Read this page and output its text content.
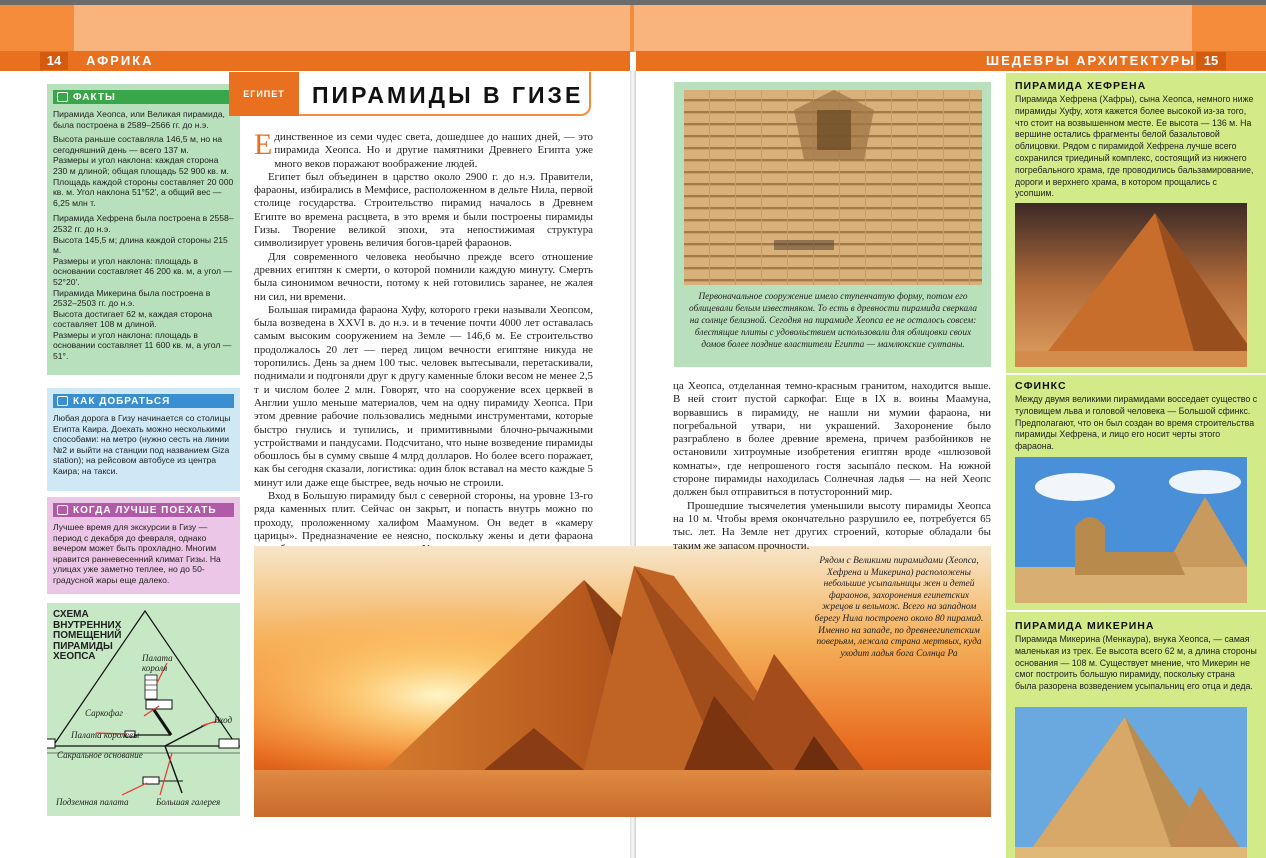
14	АФРИКА	ШЕДЕВРЫ АРХИТЕКТУРЫ 15
ФАКТЫ

Пирамида Хеопса, или Великая пирамида, была построена в 2589–2566 гг. до н.э.

Высота раньше составляла 146,5 м, но на сегодняшний день — всего 137 м.
Размеры и угол наклона: каждая сторона 230 м длиной; общая площадь 52 900 кв. м. Площадь каждой стороны составляет 20 000 кв. м. Угол наклона 51°52', а общий вес — 6,25 млн т.
Пирамида Хефрена была построена в 2558–2532 гг. до н.э.
Высота 145,5 м; длина каждой стороны 215 м.
Размеры и угол наклона: площадь в основании составляет 46 200 кв. м, а угол — 52°20'.
Пирамида Микерина была построена в 2532–2503 гг. до н.э.
Высота достигает 62 м, каждая сторона составляет 108 м длиной.
Размеры и угол наклона: площадь в основании составляет 11 600 кв. м, а угол — 51°.
КАК ДОБРАТЬСЯ
Любая дорога в Гизу начинается со столицы Египта Каира. Доехать можно несколькими способами: на метро (нужно сесть на линии №2 и выйти на станции под названием Giza station); на рейсовом автобусе из центра Каира; на такси.
КОГДА ЛУЧШЕ ПОЕХАТЬ
Лучшее время для экскурсии в Гизу — период с декабря до февраля, однако вечером может быть прохладно. Многим нравится ранневесенний климат Гизы. На улицах уже заметно теплее, но до 50-градусной жары еще далеко.
СХЕМА ВНУТРЕННИХ ПОМЕЩЕНИЙ ПИРАМИДЫ ХЕОПСА	Палата короля
Саркофаг
Вход
Палата королевы
Сакральное основание
Подземная палата	Большая галерея
ЕГИПЕТ	ПИРАМИДЫ В ГИЗЕ
Единственное из семи чудес света, дошедшее до наших дней, — это пирамида Хеопса. Но и другие памятники Древнего Египта уже много веков поражают воображение людей.

Египет был объединен в царство около 2900 г. до н.э. Правители, фараоны, избирались в Мемфисе, расположенном в дельте Нила, первой столице государства. Строительство пирамид началось в Древнем Египте во времена расцвета, в это время и были построены пирамиды Гизы. Творение великой эпохи, эта непостижимая структура символизирует уровень величия богов-царей фараонов.

Для современного человека необычно прежде всего отношение древних египтян к смерти, о которой помнили каждую минуту. Смерть была синонимом вечности, потому к ней готовились заранее, не жалея ни сил, ни времени.

Большая пирамида фараона Хуфу, которого греки называли Хеопсом, была возведена в XXVI в. до н.э. и в течение почти 4000 лет оставалась самым высоким сооружением на Земле — 146,6 м. Ее строительство продолжалось 20 лет — перед лицом вечности египтяне никуда не торопились. День за днем 100 тыс. человек вытесывали, перетаскивали, поднимали и подгоняли друг к другу каменные блоки весом не менее 2,5 т и числом более 2 млн. Говорят, что на сооружение всех церквей в Англии ушло меньше материалов, чем на одну пирамиду Хеопса. При этом древние рабочие пользовались медными инструментами, которые быстро гнулись и тупились, и примитивными блочно-рычажными устройствами и пандусами. Подсчитано, что ныне возведение пирамиды обошлось бы в сумму свыше 4 млрд долларов. Но более всего поражает, как бы сегодня сказали, логистика: один блок вставал на место каждые 5 минут или даже еще быстрее, ведь ночью не строили.

Вход в Большую пирамиду был с северной стороны, на уровне 13-го ряда каменных плит. Сейчас он закрыт, и попасть внутрь можно по проходу, проложенному халифом Маамуном. Он ведет в «камеру царицы». Предназначение ее неясно, поскольку жены и дети фараона

Рядом с Великими пирамидами (Хеопса, Хефрена и Микерина) расположены небольшие усыпальницы жен и детей фараонов, захоронения египетских жрецов и вельмож. Всего на западном берегу Нила построено около 80 пирамид. Именно на западе, по древнеегипетским поверьям, лежала страна мертвых, куда уходит ладья бога Солнца Ра
Первоначальное сооружение имело ступенчатую форму, потом его облицевали белым известняком. То есть в древности пирамида сверкала на солнце белизной. Сегодня на пирамиде Хеопса ее не осталось совсем: блестящие плиты с удовольствием использовали для облицовки своих домов более поздние властители Египта — мамлюкские султаны.
ца Хеопса, отделанная темно-красным гранитом, находится выше. В ней стоит пустой саркофаг. Еще в IX в. воины Маамуна, ворвавшись в пирамиду, не нашли ни мумии фараона, ни погребальной утвари, ни украшений. Захоронение было разграблено в более древние времена, причем разбойников не остановили хитроумные изобретения египтян вроде «шлюзовой комнаты», где непрошеного гостя засыпáло песком. На южной стороне пирамиды находилась Солнечная ладья — на ней Хеопс должен был отправиться в потусторонний мир.

Прошедшие тысячелетия уменьшили высоту пирамиды Хеопса на 10 м. Чтобы время окончательно разрушило ее, потребуется 65 тыс. лет. На Земле нет других строений, которые обладали бы таким же запасом прочности.

ПИРАМИДА ХЕФРЕНА
Пирамида Хефрена (Хафры), сына Хеопса, немного ниже пирамиды Хуфу, хотя кажется более высокой из-за того, что стоит на возвышенном месте. Ее высота — 136 м. На вершине остались фрагменты белой базальтовой облицовки. Рядом с пирамидой Хефрена лучше всего сохранился триединый комплекс, состоящий из нижнего погребального храма, где проводились бальзамирование, дороги и верхнего храма, в котором прощались с усопшим.
СФИНКС
Между двумя великими пирамидами восседает существо с туловищем льва и головой человека — Большой сфинкс. Предполагают, что он был создан во время строительства пирамиды Хефрена, и лицо его носит черты этого фараона.
ПИРАМИДА МИКЕРИНА
Пирамида Микерина (Менкаура), внука Хеопса, — самая маленькая из трех. Ее высота всего 62 м, а длина стороны основания — 108 м. Существует мнение, что Микерин не смог построить большую пирамиду, поскольку страна была разорена возведением усыпальниц его отца и деда.
